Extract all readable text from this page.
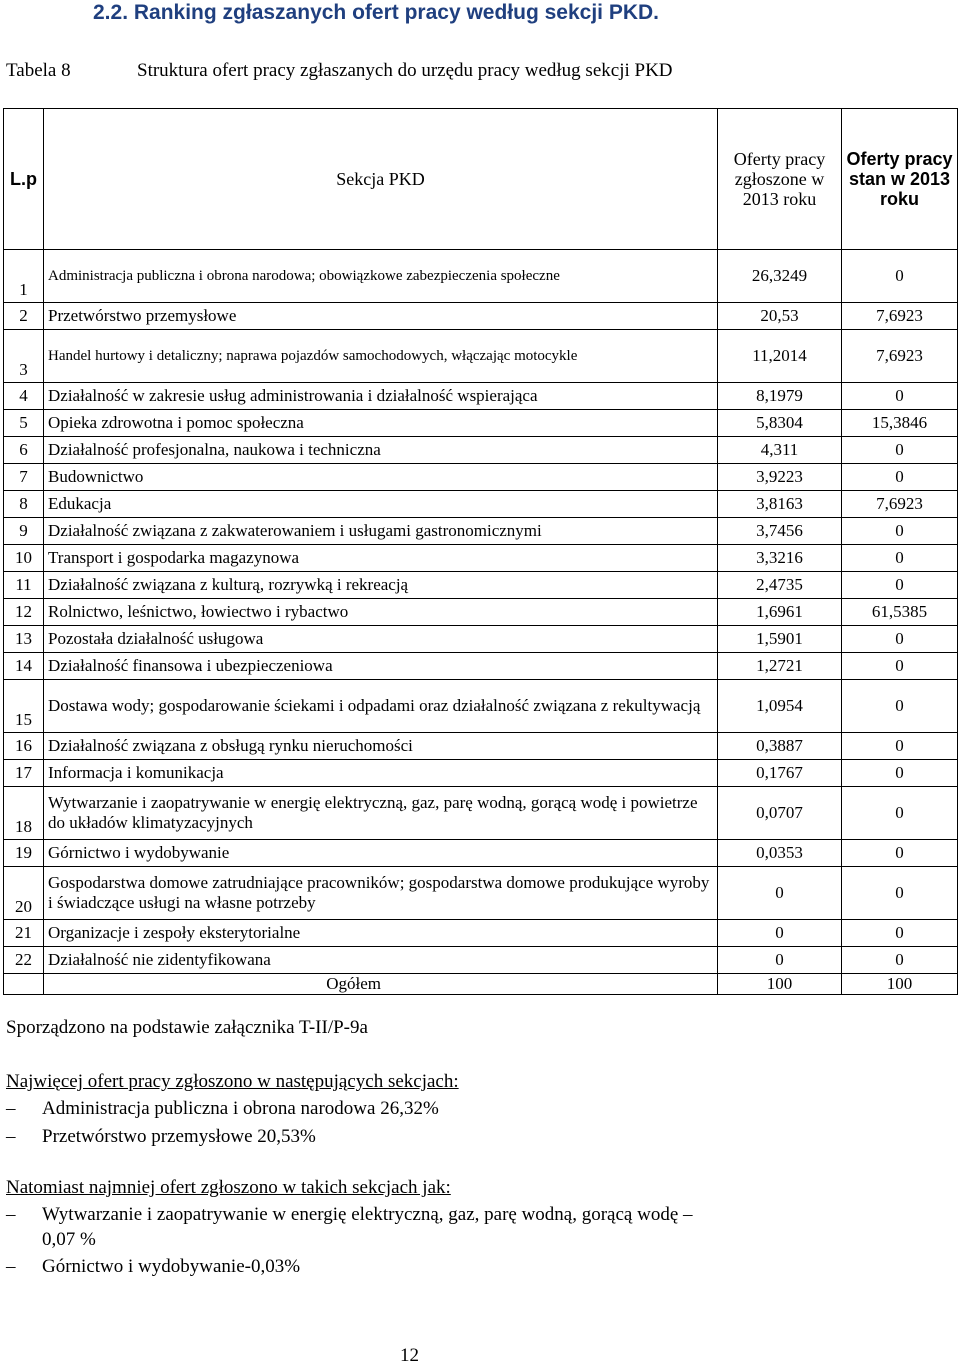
2.2. Ranking zgłaszanych ofert pracy według sekcji PKD.
Tabela 8	Struktura ofert pracy zgłaszanych do urzędu pracy według sekcji PKD
L.p	Sekcja PKD	Oferty pracy zgłoszone w 2013 roku	Oferty pracy stan w 2013 roku
1	Administracja publiczna i obrona narodowa; obowiązkowe zabezpieczenia społeczne	26,3249	0
2	Przetwórstwo przemysłowe	20,53	7,6923
3	Handel hurtowy i detaliczny; naprawa pojazdów samochodowych, włączając motocykle	11,2014	7,6923
4	Działalność w zakresie usług administrowania i działalność wspierająca	8,1979	0
5	Opieka zdrowotna i pomoc społeczna	5,8304	15,3846
6	Działalność profesjonalna, naukowa i techniczna	4,311	0
7	Budownictwo	3,9223	0
8	Edukacja	3,8163	7,6923
9	Działalność związana z zakwaterowaniem i usługami gastronomicznymi	3,7456	0
10	Transport i gospodarka magazynowa	3,3216	0
11	Działalność związana z kulturą, rozrywką i rekreacją	2,4735	0
12	Rolnictwo, leśnictwo, łowiectwo i rybactwo	1,6961	61,5385
13	Pozostała działalność usługowa	1,5901	0
14	Działalność finansowa i ubezpieczeniowa	1,2721	0
15	Dostawa wody; gospodarowanie ściekami i odpadami oraz działalność związana z rekultywacją	1,0954	0
16	Działalność związana z obsługą rynku nieruchomości	0,3887	0
17	Informacja i komunikacja	0,1767	0
18	Wytwarzanie i zaopatrywanie w energię elektryczną, gaz, parę wodną, gorącą wodę i powietrze do układów klimatyzacyjnych	0,0707	0
19	Górnictwo i wydobywanie	0,0353	0
20	Gospodarstwa domowe zatrudniające pracowników; gospodarstwa domowe produkujące wyroby i świadczące usługi na własne potrzeby	0	0
21	Organizacje i zespoły eksterytorialne	0	0
22	Działalność nie zidentyfikowana	0	0
	Ogółem	100	100
Sporządzono na podstawie załącznika T-II/P-9a
Najwięcej ofert pracy zgłoszono w następujących sekcjach:
– Administracja publiczna i obrona narodowa 26,32%
– Przetwórstwo przemysłowe 20,53%
Natomiast najmniej ofert zgłoszono w takich sekcjach jak:
– Wytwarzanie i zaopatrywanie w energię elektryczną, gaz, parę wodną, gorącą wodę –
0,07 %
– Górnictwo i wydobywanie-0,03%
12
